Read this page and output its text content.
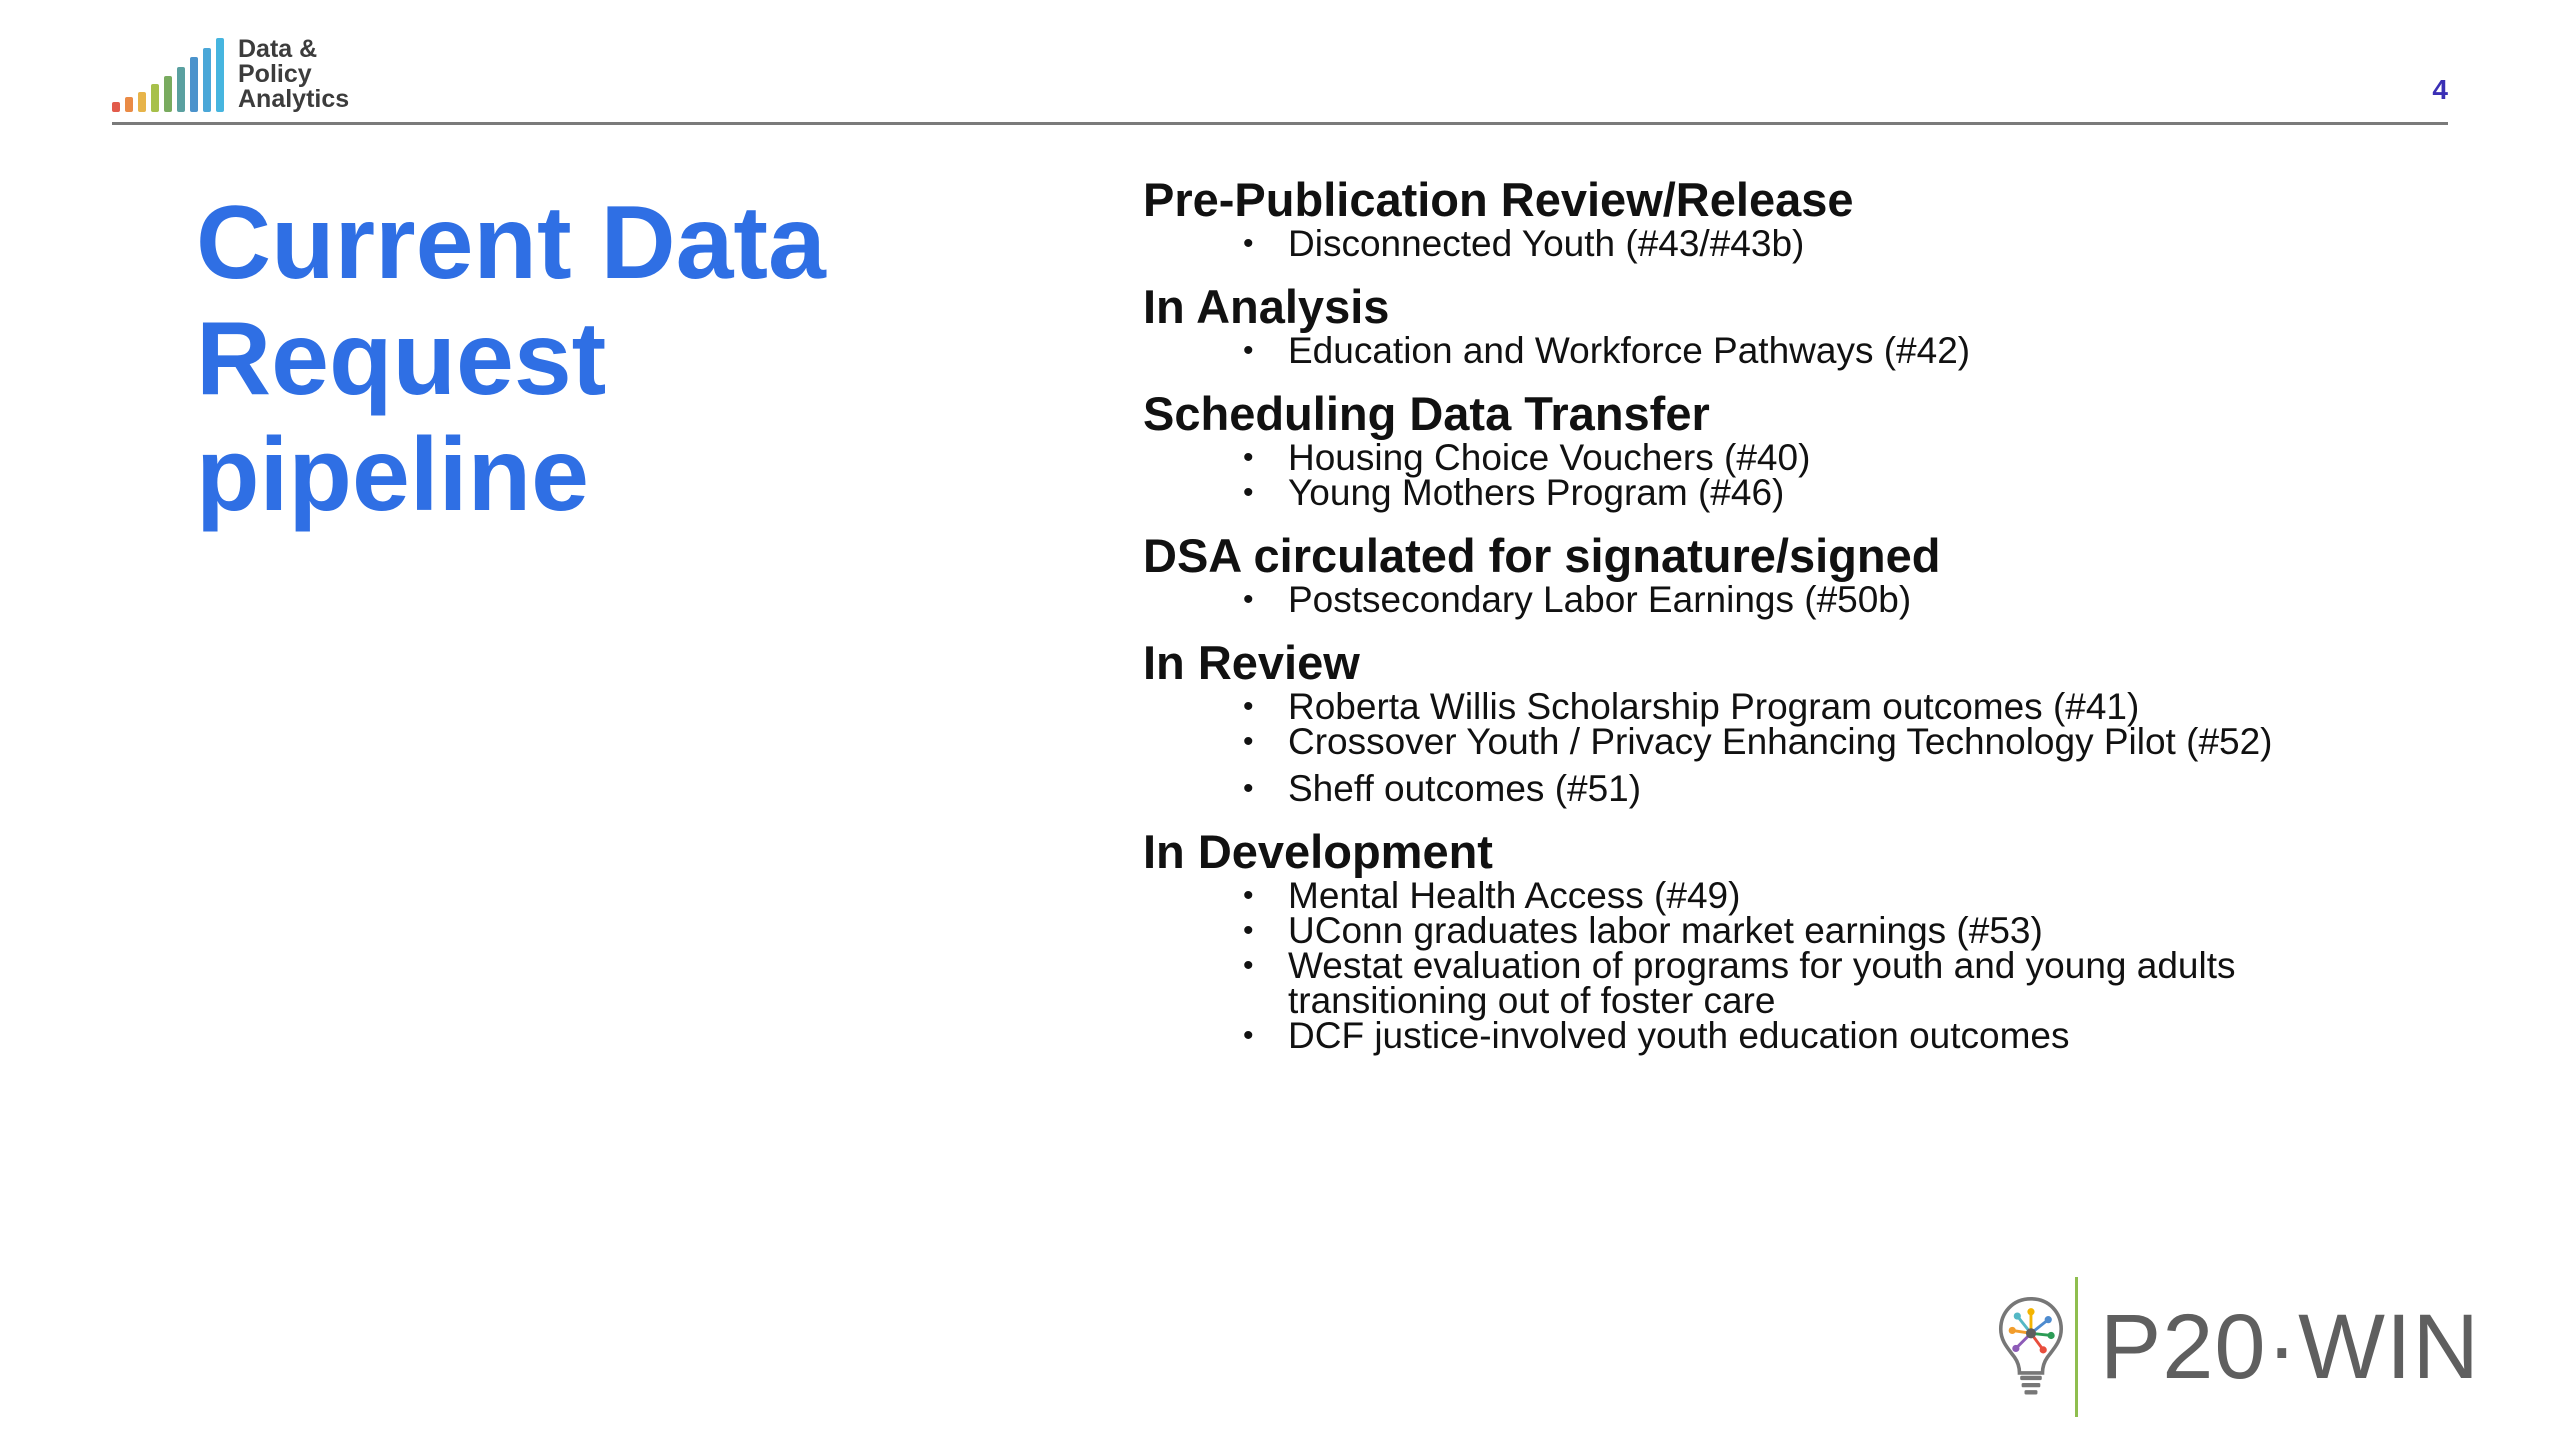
Data &
Policy
Analytics	4
Current Data
Request
pipeline
Pre-Publication Review/Release
• Disconnected Youth (#43/#43b)
In Analysis
• Education and Workforce Pathways (#42)
Scheduling Data Transfer
• Housing Choice Vouchers (#40)
• Young Mothers Program (#46)
DSA circulated for signature/signed
• Postsecondary Labor Earnings (#50b)
In Review
• Roberta Willis Scholarship Program outcomes (#41)
• Crossover Youth / Privacy Enhancing Technology Pilot (#52)
• Sheff outcomes (#51)
In Development
• Mental Health Access (#49)
• UConn graduates labor market earnings (#53)
• Westat evaluation of programs for youth and young adults transitioning out of foster care
• DCF justice-involved youth education outcomes
P20·WIN
